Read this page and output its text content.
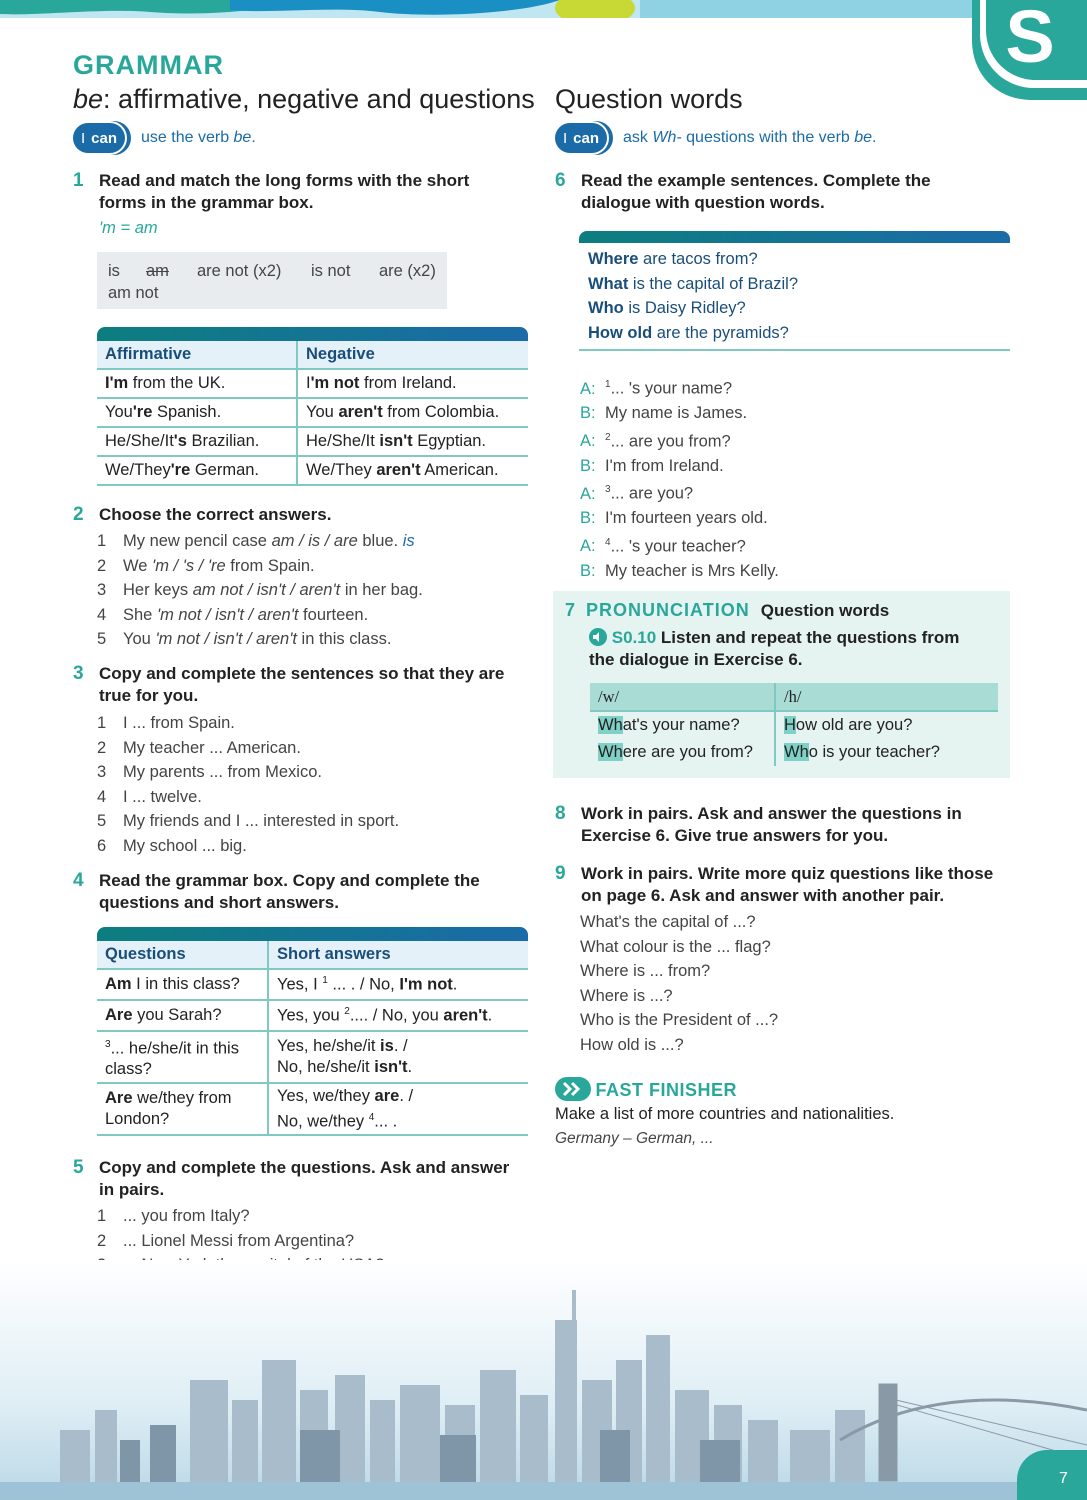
S
GRAMMAR
be: affirmative, negative and questions
I can use the verb be.
1 Read and match the long forms with the short
forms in the grammar box.
'm = am
is am are not (x2) is not are (x2)
am not
Affirmative	Negative
I'm from the UK.	I'm not from Ireland.
You're Spanish.	You aren't from Colombia.
He/She/It's Brazilian.	He/She/It isn't Egyptian.
We/They're German.	We/They aren't American.
2 Choose the correct answers.
1 My new pencil case am / is / are blue. is
2 We 'm / 's / 're from Spain.
3 Her keys am not / isn't / aren't in her bag.
4 She 'm not / isn't / aren't fourteen.
5 You 'm not / isn't / aren't in this class.
3 Copy and complete the sentences so that they are
true for you.
1 I ... from Spain.
2 My teacher ... American.
3 My parents ... from Mexico.
4 I ... twelve.
5 My friends and I ... interested in sport.
6 My school ... big.
4 Read the grammar box. Copy and complete the
questions and short answers.
Questions	Short answers
Am I in this class?	Yes, I $^1$ ... . / No, I'm not.
Are you Sarah?	Yes, you $^2$.... / No, you aren't.
$^3$... he/she/it in this
class?	Yes, he/she/it is. /
No, he/she/it isn't.
Are we/they from
London?	Yes, we/they are. /
No, we/they $^4$... .
5 Copy and complete the questions. Ask and answer
in pairs.
1 ... you from Italy?
2 ... Lionel Messi from Argentina?
Question words
I can ask Wh- questions with the verb be.
6 Read the example sentences. Complete the
dialogue with question words.
Where are tacos from?
What is the capital of Brazil?
Who is Daisy Ridley?
How old are the pyramids?
A: $^1$... 's your name?
B: My name is James.
A: $^2$... are you from?
B: I'm from Ireland.
A: $^3$... are you?
B: I'm fourteen years old.
A: $^4$... 's your teacher?
B: My teacher is Mrs Kelly.
7 PRONUNCIATION Question words
S0.10 Listen and repeat the questions from
the dialogue in Exercise 6.
/w/	/h/
What's your name?	How old are you?
Where are you from?	Who is your teacher?
8 Work in pairs. Ask and answer the questions in
Exercise 6. Give true answers for you.
9 Work in pairs. Write more quiz questions like those
on page 6. Ask and answer with another pair.
What's the capital of ...?
What colour is the ... flag?
Where is ... from?
Where is ...?
Who is the President of ...?
How old is ...?
FAST FINISHER
Make a list of more countries and nationalities.
Germany – German, ...
7
